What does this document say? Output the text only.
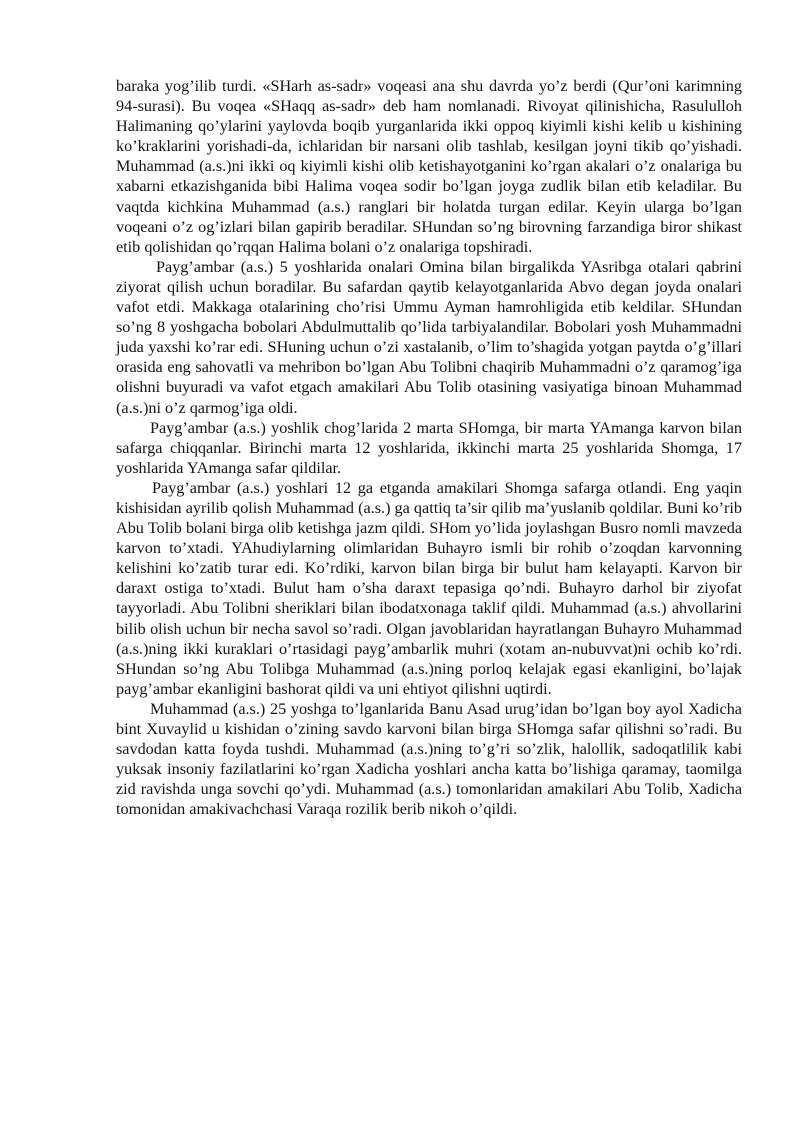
baraka yog’ilib turdi. «SHarh as-sadr» voqeasi ana shu davrda yo’z berdi (Qur’oni karimning 94-surasi). Bu voqea «SHaqq as-sadr» deb ham nomlanadi. Rivoyat qilinishicha, Rasululloh Halimaning qo’ylarini yaylovda boqib yurganlarida ikki oppoq kiyimli kishi kelib u kishining ko’kraklarini yorishadi-da, ichlaridan bir narsani olib tashlab, kesilgan joyni tikib qo’yishadi. Muhammad (a.s.)ni ikki oq kiyimli kishi olib ketishayotganini ko’rgan akalari o’z onalariga bu xabarni etkazishganida bibi Halima voqea sodir bo’lgan joyga zudlik bilan etib keladilar. Bu vaqtda kichkina Muhammad (a.s.) ranglari bir holatda turgan edilar. Keyin ularga bo’lgan voqeani o’z og’izlari bilan gapirib beradilar. SHundan so’ng birovning farzandiga biror shikast etib qolishidan qo’rqqan Halima bolani o’z onalariga topshiradi.

Payg’ambar (a.s.) 5 yoshlarida onalari Omina bilan birgalikda YAsribga otalari qabrini ziyorat qilish uchun boradilar. Bu safardan qaytib kelayotganlarida Abvo degan joyda onalari vafot etdi. Makkaga otalarining cho’risi Ummu Ayman hamrohligida etib keldilar. SHundan so’ng 8 yoshgacha bobolari Abdulmuttalib qo’lida tarbiyalandilar. Bobolari yosh Muhammadni juda yaxshi ko’rar edi. SHuning uchun o’zi xastalanib, o’lim to’shagida yotgan paytda o’g’illari orasida eng sahovatli va mehribon bo’lgan Abu Tolibni chaqirib Muhammadni o’z qaramog’iga olishni buyuradi va vafot etgach amakilari Abu Tolib otasining vasiyatiga binoan Muhammad (a.s.)ni o’z qarmog’iga oldi.

Payg’ambar (a.s.) yoshlik chog’larida 2 marta SHomga, bir marta YAmanga karvon bilan safarga chiqqanlar. Birinchi marta 12 yoshlarida, ikkinchi marta 25 yoshlarida Shomga, 17 yoshlarida YAmanga safar qildilar.

Payg’ambar (a.s.) yoshlari 12 ga etganda amakilari Shomga safarga otlandi. Eng yaqin kishisidan ayrilib qolish Muhammad (a.s.) ga qattiq ta’sir qilib ma’yuslanib qoldilar. Buni ko’rib Abu Tolib bolani birga olib ketishga jazm qildi. SHom yo’lida joylashgan Busro nomli mavzeda karvon to’xtadi. YAhudiylarning olimlaridan Buhayro ismli bir rohib o’zoqdan karvonning kelishini ko’zatib turar edi. Ko’rdiki, karvon bilan birga bir bulut ham kelayapti. Karvon bir daraxt ostiga to’xtadi. Bulut ham o’sha daraxt tepasiga qo’ndi. Buhayro darhol bir ziyofat tayyorladi. Abu Tolibni sheriklari bilan ibodatxonaga taklif qildi. Muhammad (a.s.) ahvollarini bilib olish uchun bir necha savol so’radi. Olgan javoblaridan hayratlangan Buhayro Muhammad (a.s.)ning ikki kuraklari o’rtasidagi payg’ambarlik muhri (xotam an-nubuvvat)ni ochib ko’rdi. SHundan so’ng Abu Tolibga Muhammad (a.s.)ning porloq kelajak egasi ekanligini, bo’lajak payg’ambar ekanligini bashorat qildi va uni ehtiyot qilishni uqtirdi.

Muhammad (a.s.) 25 yoshga to’lganlarida Banu Asad urug’idan bo’lgan boy ayol Xadicha bint Xuvaylid u kishidan o’zining savdo karvoni bilan birga SHomga safar qilishni so’radi. Bu savdodan katta foyda tushdi. Muhammad (a.s.)ning to’g’ri so’zlik, halollik, sadoqatlilik kabi yuksak insoniy fazilatlarini ko’rgan Xadicha yoshlari ancha katta bo’lishiga qaramay, taomilga zid ravishda unga sovchi qo’ydi. Muhammad (a.s.) tomonlaridan amakilari Abu Tolib, Xadicha tomonidan amakivachchasi Varaqa rozilik berib nikoh o’qildi.
